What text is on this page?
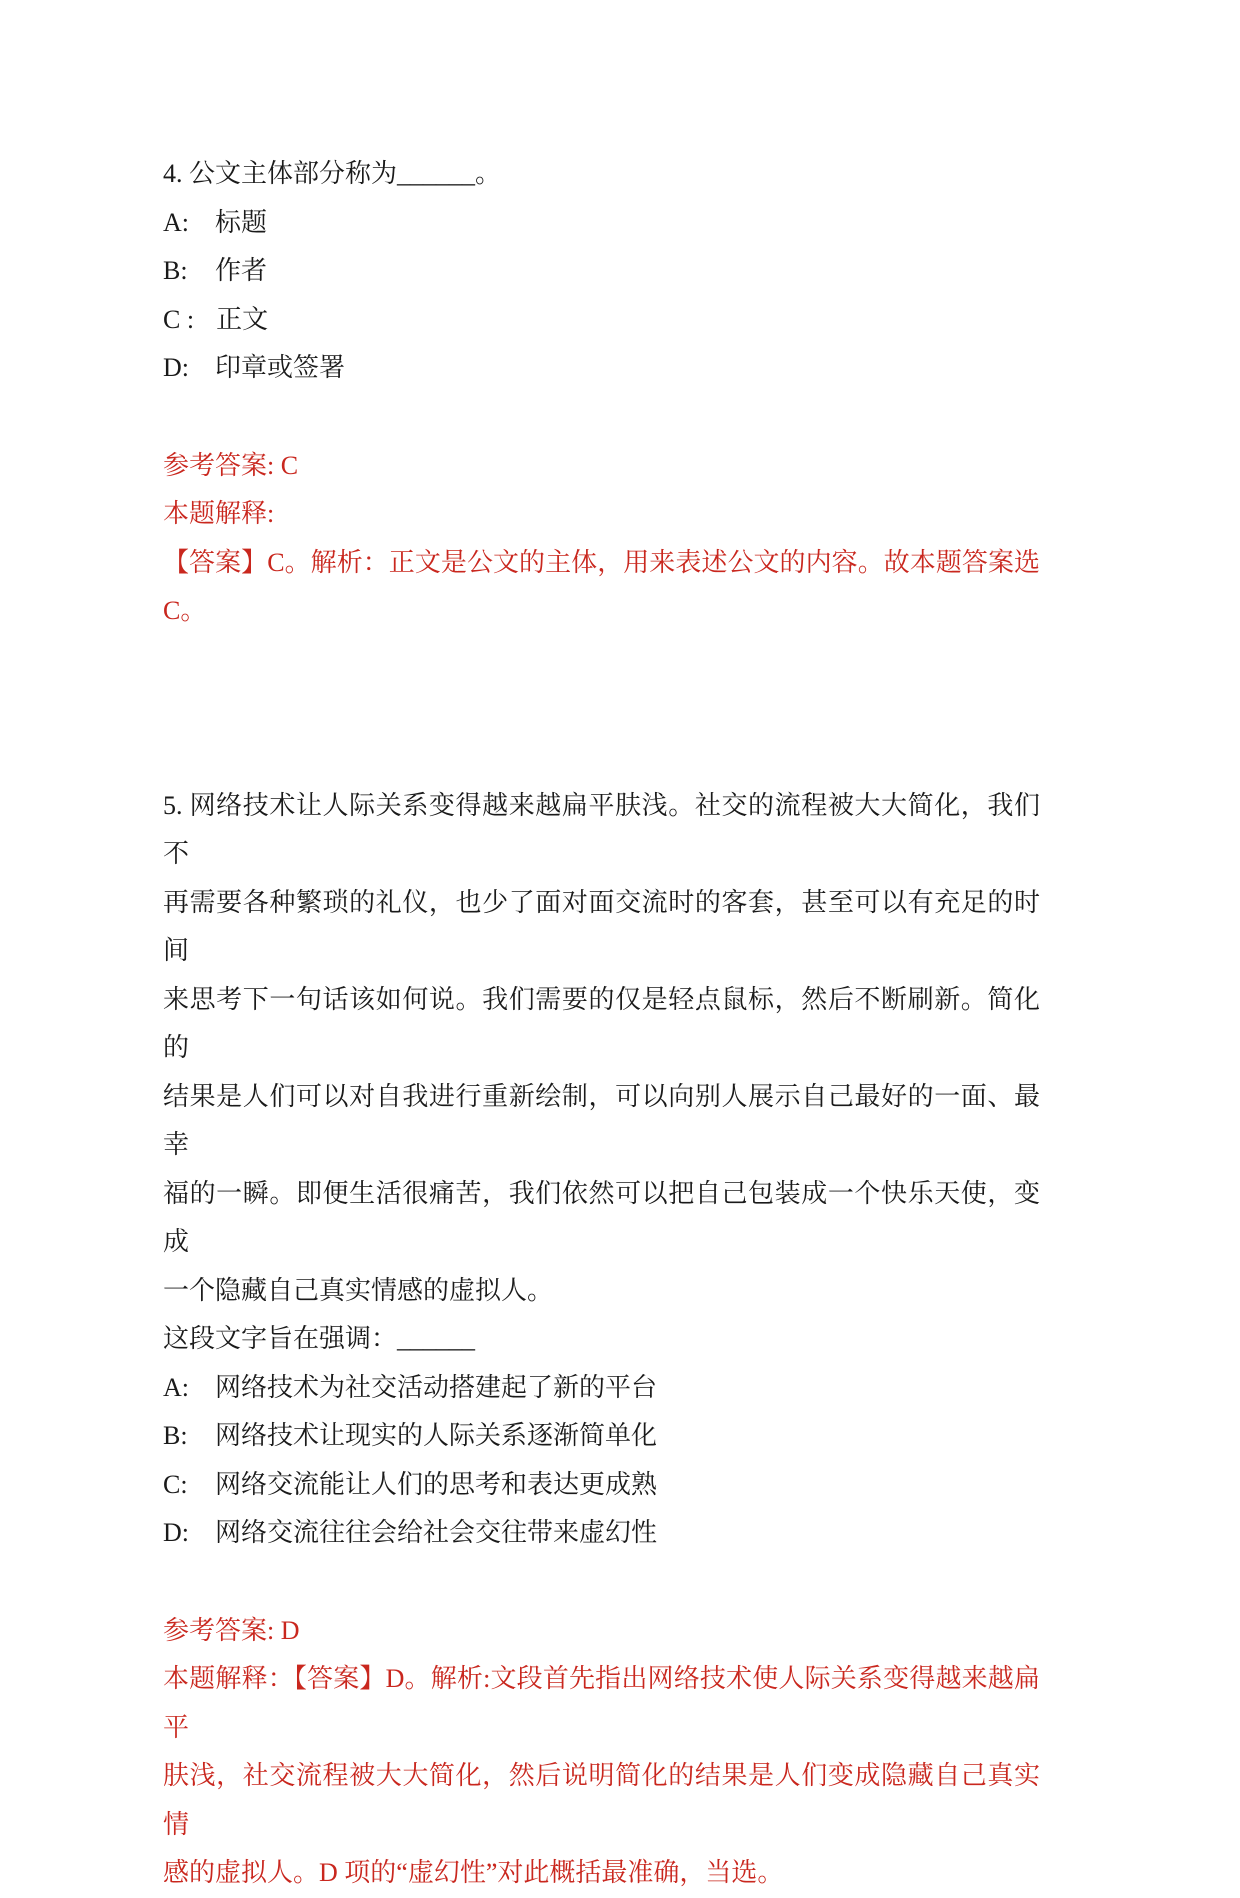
4. 公文主体部分称为______。

A: 标题

B: 作者

C : 正文

D: 印章或签署

参考答案: C

本题解释:

【答案】C。解析：正文是公文的主体，用来表述公文的内容。故本题答案选
C。
5. 网络技术让人际关系变得越来越扁平肤浅。社交的流程被大大简化，我们不
再需要各种繁琐的礼仪，也少了面对面交流时的客套，甚至可以有充足的时间
来思考下一句话该如何说。我们需要的仅是轻点鼠标，然后不断刷新。简化的
结果是人们可以对自我进行重新绘制，可以向别人展示自己最好的一面、最幸
福的一瞬。即便生活很痛苦，我们依然可以把自己包装成一个快乐天使，变成
一个隐藏自己真实情感的虚拟人。

这段文字旨在强调：______

A: 网络技术为社交活动搭建起了新的平台

B: 网络技术让现实的人际关系逐渐简单化

C: 网络交流能让人们的思考和表达更成熟

D: 网络交流往往会给社会交往带来虚幻性

参考答案: D

本题解释：【答案】D。解析:文段首先指出网络技术使人际关系变得越来越扁平
肤浅，社交流程被大大简化，然后说明简化的结果是人们变成隐藏自己真实情
感的虚拟人。D 项的“虚幻性”对此概括最准确，当选。
